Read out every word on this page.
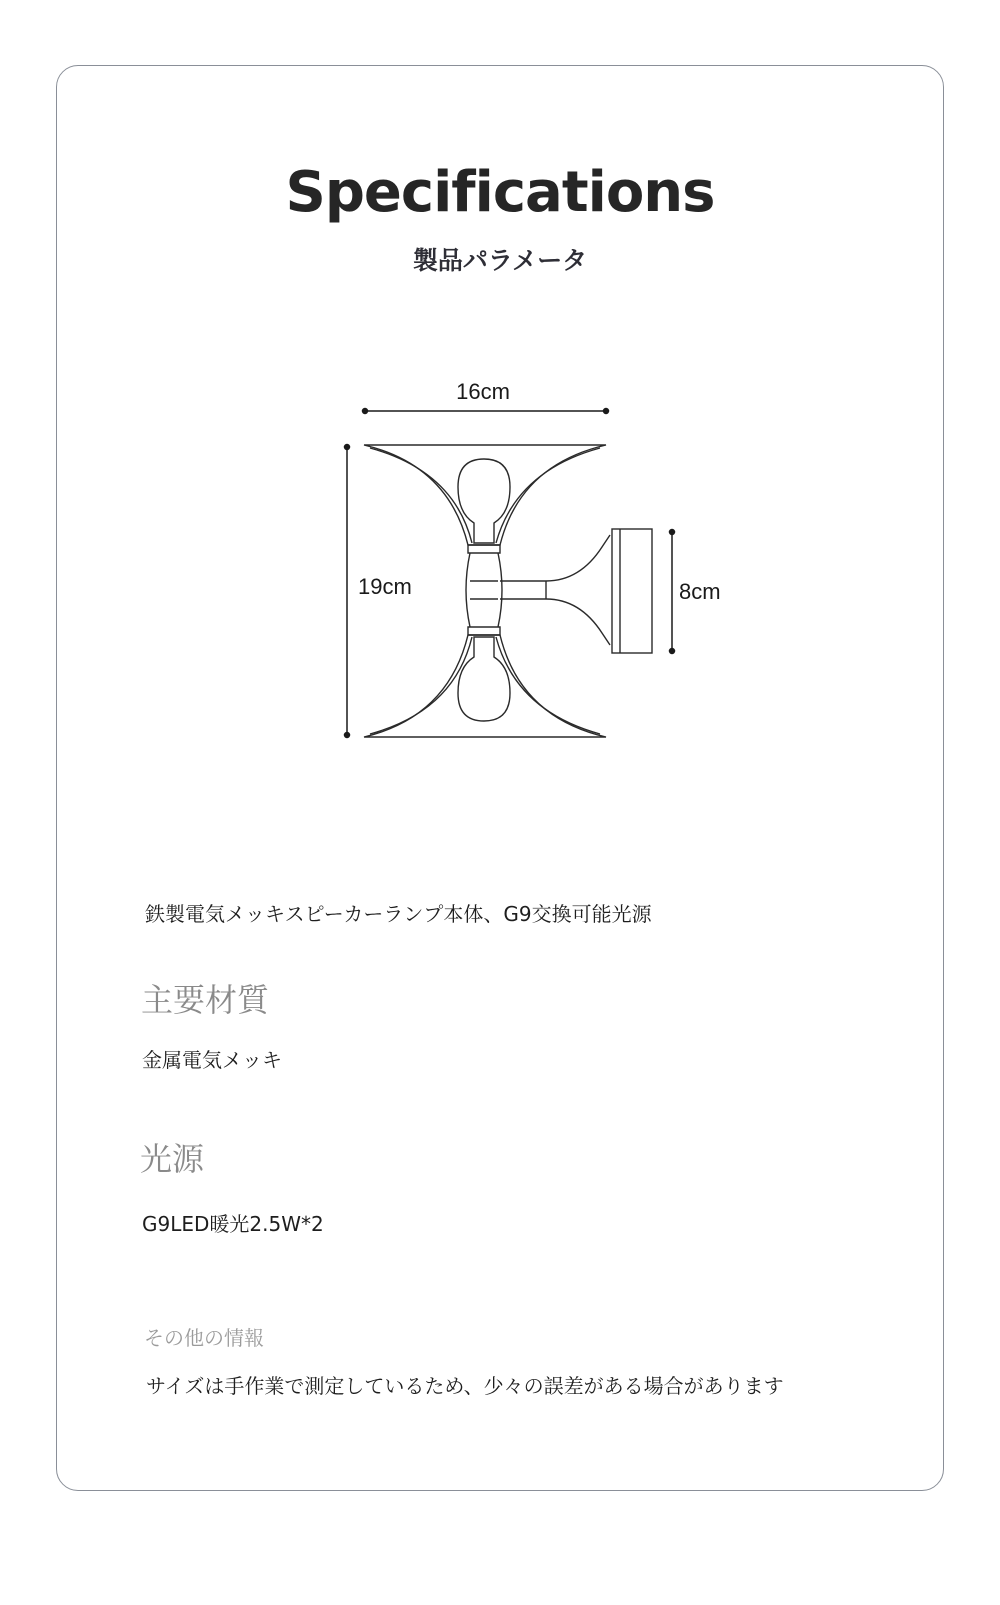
Specifications
製品パラメータ
16cm
19cm	8cm
鉄製電気メッキスピーカーランプ本体、G9交換可能光源
主要材質
金属電気メッキ
光源
G9LED暖光2.5W*2
その他の情報
サイズは手作業で測定しているため、少々の誤差がある場合があります
